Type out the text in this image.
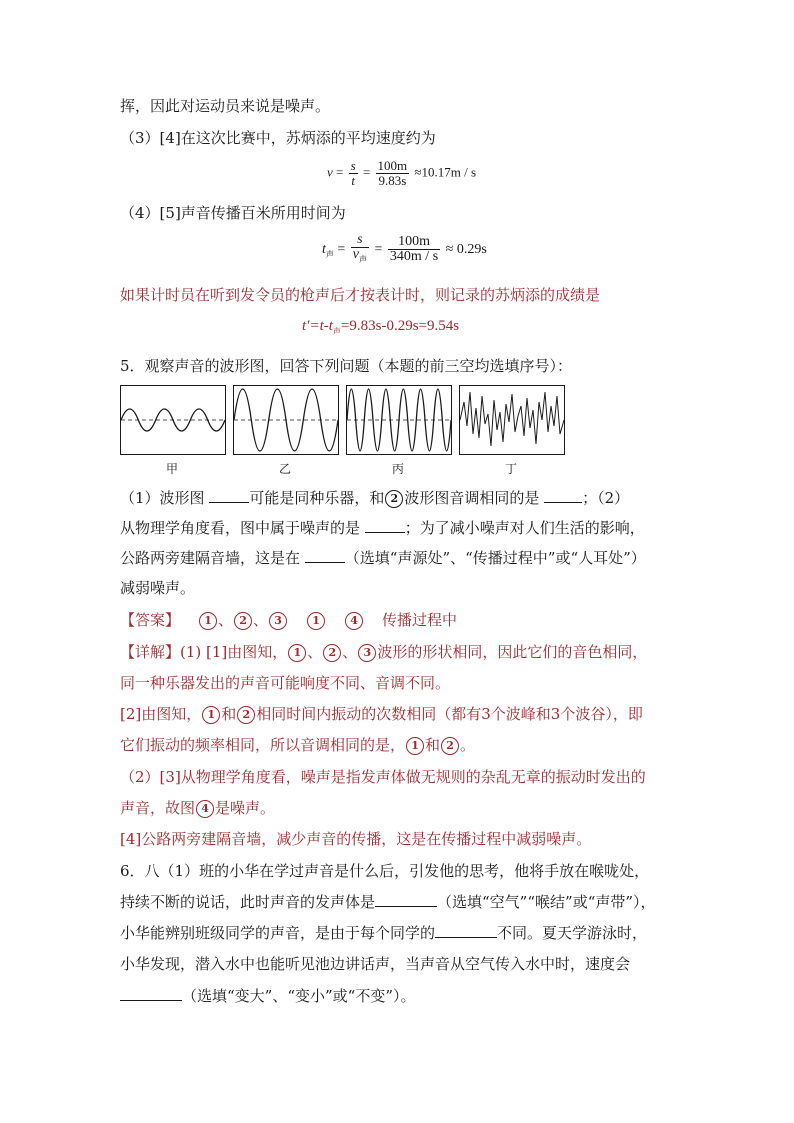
挥，因此对运动员来说是噪声。
（3）[4]在这次比赛中，苏炳添的平均速度约为
$v = \frac{s}{t} = \frac{100m}{9.83s} \approx 10.17m / s$
（4）[5]声音传播百米所用时间为
$t_声 = \frac{s}{v_声} = \frac{100m}{340m / s} \approx 0.29s$
如果计时员在听到发令员的枪声后才按表计时，则记录的苏炳添的成绩是
$t'=t-t_声=9.83s-0.29s=9.54s$
5．观察声音的波形图，回答下列问题（本题的前三空均选填序号）：
甲	乙	丙	丁
（1）波形图	可能是同种乐器，和 2 波形图音调相同的是	；（2）
从物理学角度看，图中属于噪声的是	；为了减小噪声对人们生活的影响，
公路两旁建隔音墙，这是在	（选填“声源处”、“传播过程中”或“人耳处”）
减弱噪声。
【答案】 1 、 2 、 3	1	4 传播过程中
【详解】(1) [1]由图知， 1 、 2 、 3 波形的形状相同，因此它们的音色相同，
同一种乐器发出的声音可能响度不同、音调不同。
[2]由图知， 1 和 2 相同时间内振动的次数相同（都有3个波峰和3个波谷），即
它们振动的频率相同，所以音调相同的是， 1 和 2 。
（2）[3]从物理学角度看，噪声是指发声体做无规则的杂乱无章的振动时发出的
声音，故图 4 是噪声。
[4]公路两旁建隔音墙，减少声音的传播，这是在传播过程中减弱噪声。
6．八（1）班的小华在学过声音是什么后，引发他的思考，他将手放在喉咙处，
持续不断的说话，此时声音的发声体是	（选填“空气”“喉结”或“声带”），
小华能辨别班级同学的声音，是由于每个同学的	不同。夏天学游泳时，
小华发现，潜入水中也能听见池边讲话声，当声音从空气传入水中时，速度会
（选填“变大”、“变小”或“不变”）。
